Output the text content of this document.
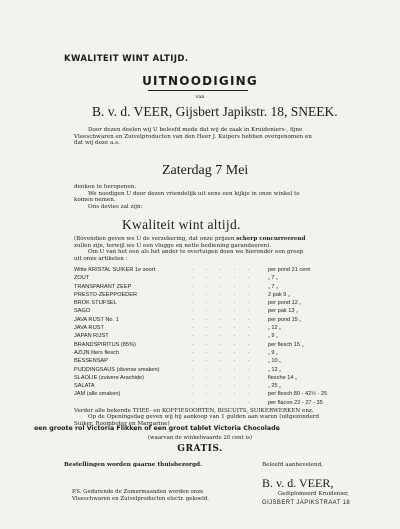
KWALITEIT WINT ALTIJD.
UITNOODIGING
van
B. v. d. VEER, Gijsbert Japikstr. 18, SNEEK.
Door dezen deelen wij U beleefd mede dat wij de zaak in Kruideniers-, fijne
Vleeschwaren en Zuivelproducten van den Heer J. Kuipers hebben overgenomen en
dat wij deze a.s.
Zaterdag 7 Mei
denken te heropenen.
We noodigen U door dezen vriendelijk uit eens een kijkje in onze winkel te
komen nemen.
Ons devies zal zijn:
Kwaliteit wint altijd.
(Bovendien geven we U de verzekering, dat onze prijzen scherp concurreerend
zullen zijn, terwijl we U een vlugge en nette bediening garandeeren).
Om U van het een als het ander te overtuigen doen we hieronder een greep
uit onze artikelen :
Witte KRISTAL SUIKER 1e soort	····· per pond 21 cent
ZOUT	····· „ 7 „
TRANSPARANT ZEEP	····· „ 7 „
PRESTO-ZEEPPOEDER	····· 2 pak 9 „
BROK STIJFSEL	····· per pond 12 „
SAGO	····· per pak 13 „
JAVA RIJST No. 1	····· per pond 15 „
JAVA RIJST	····· „ 12 „
JAPAN RIJST	····· „ 9 „
BRANDSPIRITUS (85%)	····· per flesch 15 „
AZIJN liters flesch	····· „ 9 „
BESSENSAP	····· „ 10 „
PUDDINGSAUS (diverse smaken)	····· „ 12 „
SLAOLIE (zuivere Arachide)	····· flesche 14 „
SALATA	····· „ 25 „
JAM (alle smaken)	····· per flesch 80 - 42½ - 25
····· per flacon 22 - 27 - 35
Verder alle bekende THEE- en KOFFIESOORTEN, BISCUITS, SUIKERWERKEN enz.
Op de Openingsdag geven wij bij aankoop van 1 gulden aan waren (uitgezonderd
Suiker, Roomboter en Margarine)
een groote rol Victoria Flikken of een groot tablet Victoria Chocolade
(waarvan de winkelwaarde 20 cent is)
GRATIS.
Bestellingen worden gaarne thuisbezorgd.	Beleefd aanbevelend,
B. v. d. VEER,
Gediplomeerd Kruidenier,
GIJSBERT JAPIKSTRAAT 18
P.S. Gedurende de Zomermaanden worden onze
Vleeschwaren en Zuivelproducten electr. gekoeld.
